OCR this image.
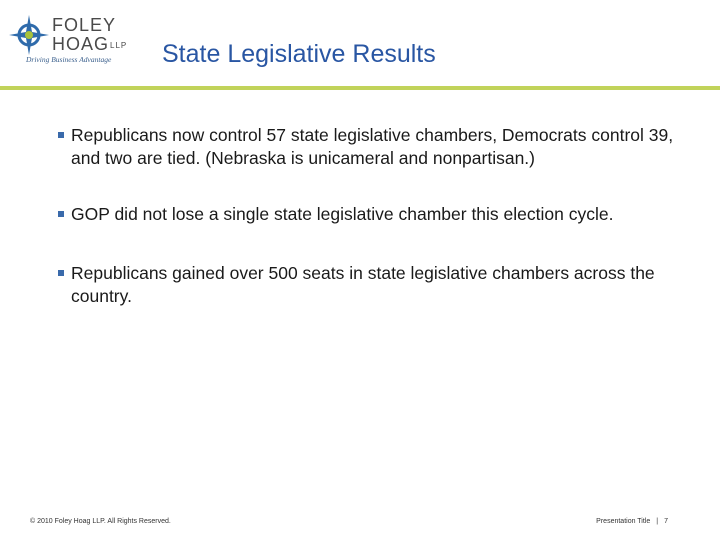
FOLEY
HOAGLLP
Driving Business Advantage State Legislative Results
Republicans now control 57 state legislative chambers, Democrats control 39, and two are tied. (Nebraska is unicameral and nonpartisan.)
GOP did not lose a single state legislative chamber this election cycle.
Republicans gained over 500 seats in state legislative chambers across the country.
© 2010 Foley Hoag LLP. All Rights Reserved.	Presentation Title | 7
